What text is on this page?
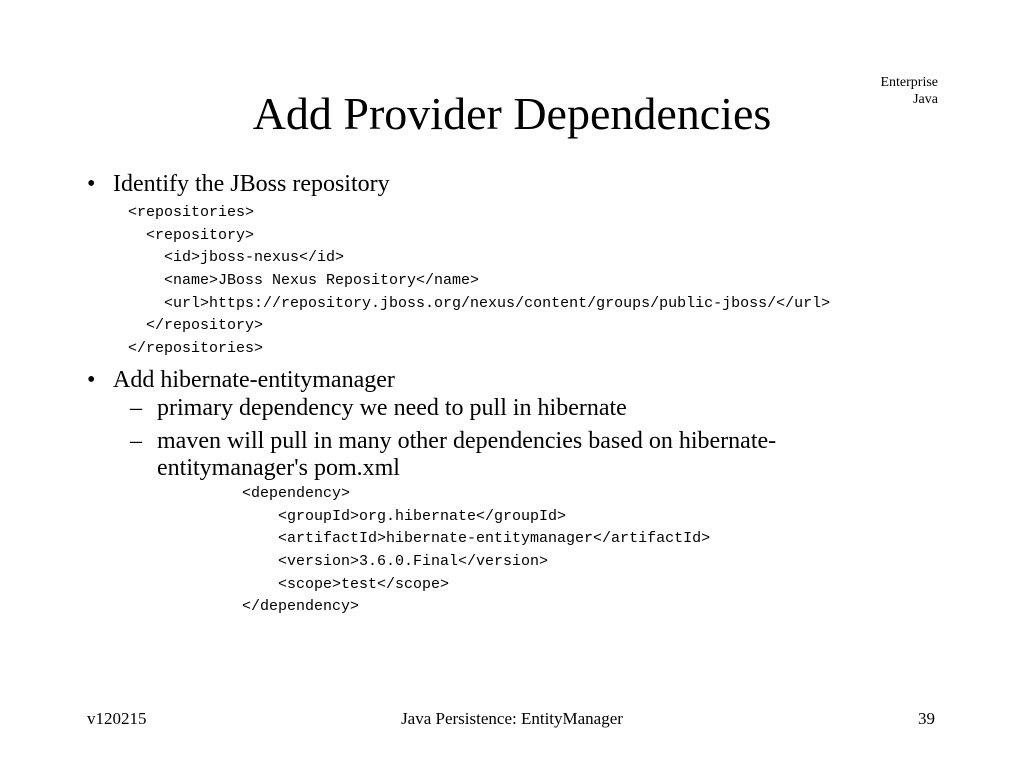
Enterprise
Java
Add Provider Dependencies
• Identify the JBoss repository
<repositories>
<repository>
<id>jboss-nexus</id>
<name>JBoss Nexus Repository</name>
<url>https://repository.jboss.org/nexus/content/groups/public-jboss/</url>
</repository>
</repositories>
• Add hibernate-entitymanager
– primary dependency we need to pull in hibernate
– maven will pull in many other dependencies based on hibernate-
entitymanager's pom.xml
<dependency>
<groupId>org.hibernate</groupId>
<artifactId>hibernate-entitymanager</artifactId>
<version>3.6.0.Final</version>
<scope>test</scope>
</dependency>
v120215	Java Persistence: EntityManager	39
